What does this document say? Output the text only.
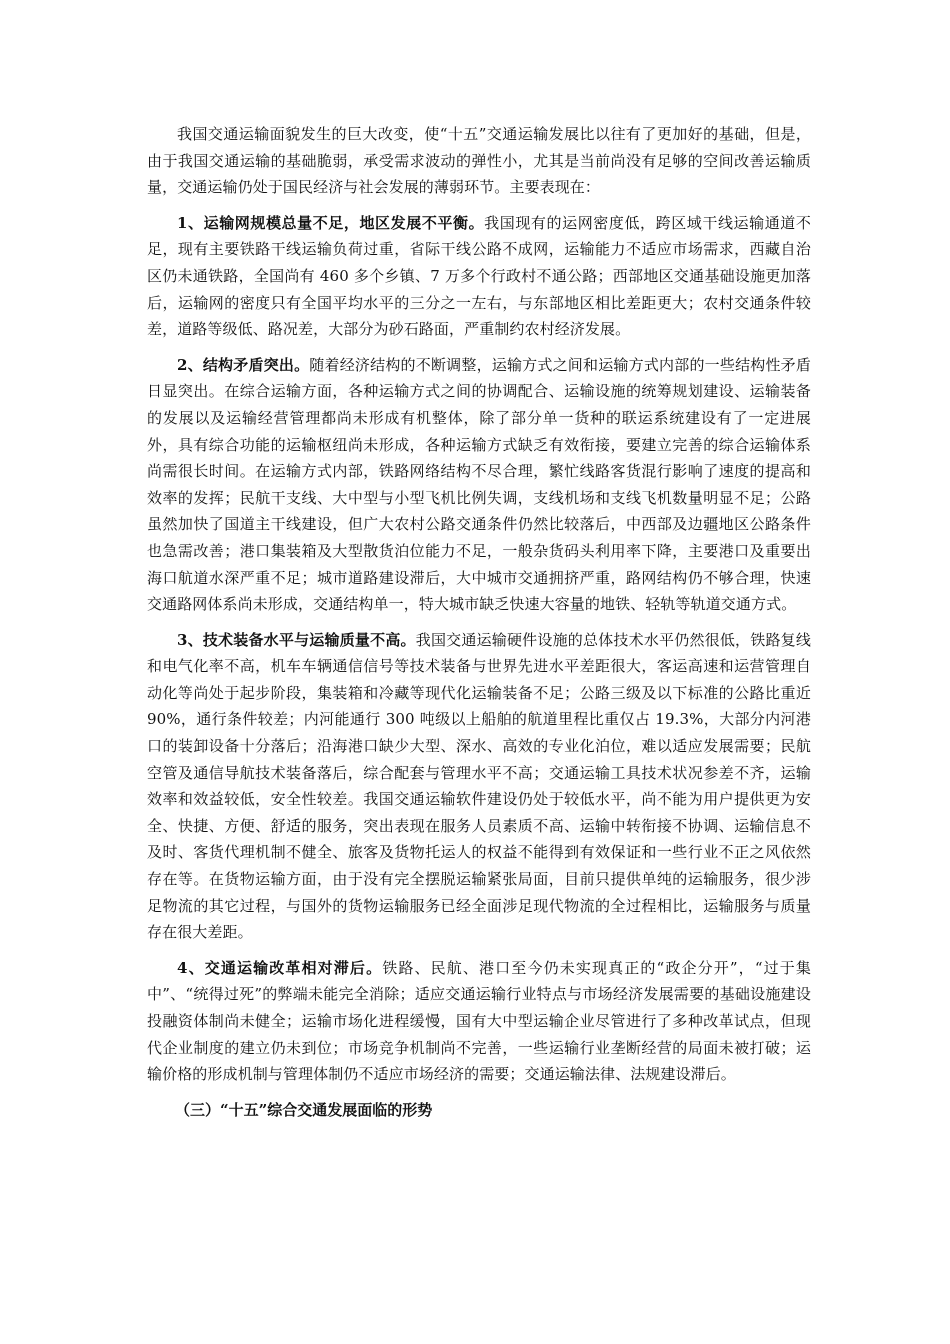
我国交通运输面貌发生的巨大改变，使“十五”交通运输发展比以往有了更加好的基础，但是，由于我国交通运输的基础脆弱，承受需求波动的弹性小，尤其是当前尚没有足够的空间改善运输质量，交通运输仍处于国民经济与社会发展的薄弱环节。主要表现在：

1、运输网规模总量不足，地区发展不平衡。我国现有的运网密度低，跨区域干线运输通道不足，现有主要铁路干线运输负荷过重，省际干线公路不成网，运输能力不适应市场需求，西藏自治区仍未通铁路，全国尚有 460 多个乡镇、7 万多个行政村不通公路；西部地区交通基础设施更加落后，运输网的密度只有全国平均水平的三分之一左右，与东部地区相比差距更大；农村交通条件较差，道路等级低、路况差，大部分为砂石路面，严重制约农村经济发展。

2、结构矛盾突出。随着经济结构的不断调整，运输方式之间和运输方式内部的一些结构性矛盾日显突出。在综合运输方面，各种运输方式之间的协调配合、运输设施的统筹规划建设、运输装备的发展以及运输经营管理都尚未形成有机整体，除了部分单一货种的联运系统建设有了一定进展外，具有综合功能的运输枢纽尚未形成，各种运输方式缺乏有效衔接，要建立完善的综合运输体系尚需很长时间。在运输方式内部，铁路网络结构不尽合理，繁忙线路客货混行影响了速度的提高和效率的发挥；民航干支线、大中型与小型飞机比例失调，支线机场和支线飞机数量明显不足；公路虽然加快了国道主干线建设，但广大农村公路交通条件仍然比较落后，中西部及边疆地区公路条件也急需改善；港口集装箱及大型散货泊位能力不足，一般杂货码头利用率下降，主要港口及重要出海口航道水深严重不足；城市道路建设滞后，大中城市交通拥挤严重，路网结构仍不够合理，快速交通路网体系尚未形成，交通结构单一，特大城市缺乏快速大容量的地铁、轻轨等轨道交通方式。

3、技术装备水平与运输质量不高。我国交通运输硬件设施的总体技术水平仍然很低，铁路复线和电气化率不高，机车车辆通信信号等技术装备与世界先进水平差距很大，客运高速和运营管理自动化等尚处于起步阶段，集装箱和冷藏等现代化运输装备不足；公路三级及以下标准的公路比重近 90%，通行条件较差；内河能通行 300 吨级以上船舶的航道里程比重仅占 19.3%，大部分内河港口的装卸设备十分落后；沿海港口缺少大型、深水、高效的专业化泊位，难以适应发展需要；民航空管及通信导航技术装备落后，综合配套与管理水平不高；交通运输工具技术状况参差不齐，运输效率和效益较低，安全性较差。我国交通运输软件建设仍处于较低水平，尚不能为用户提供更为安全、快捷、方便、舒适的服务，突出表现在服务人员素质不高、运输中转衔接不协调、运输信息不及时、客货代理机制不健全、旅客及货物托运人的权益不能得到有效保证和一些行业不正之风依然存在等。在货物运输方面，由于没有完全摆脱运输紧张局面，目前只提供单纯的运输服务，很少涉足物流的其它过程，与国外的货物运输服务已经全面涉足现代物流的全过程相比，运输服务与质量存在很大差距。

4、交通运输改革相对滞后。铁路、民航、港口至今仍未实现真正的“政企分开”，“过于集中”、“统得过死”的弊端未能完全消除；适应交通运输行业特点与市场经济发展需要的基础设施建设投融资体制尚未健全；运输市场化进程缓慢，国有大中型运输企业尽管进行了多种改革试点，但现代企业制度的建立仍未到位；市场竞争机制尚不完善，一些运输行业垄断经营的局面未被打破；运输价格的形成机制与管理体制仍不适应市场经济的需要；交通运输法律、法规建设滞后。

（三）“十五”综合交通发展面临的形势
